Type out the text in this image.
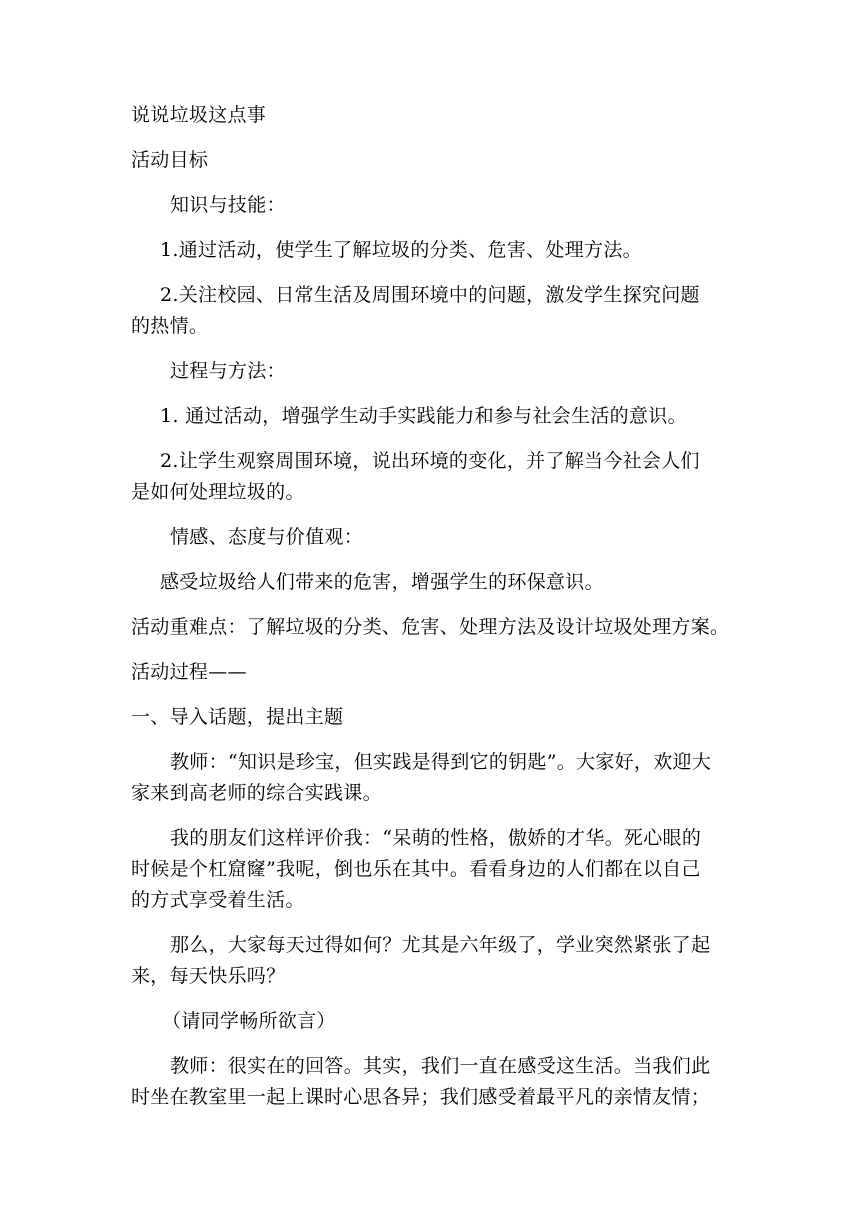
说说垃圾这点事
活动目标
知识与技能：
1.通过活动，使学生了解垃圾的分类、危害、处理方法。
2.关注校园、日常生活及周围环境中的问题，激发学生探究问题
的热情。
过程与方法：
1. 通过活动，增强学生动手实践能力和参与社会生活的意识。
2.让学生观察周围环境，说出环境的变化，并了解当今社会人们
是如何处理垃圾的。
情感、态度与价值观：
感受垃圾给人们带来的危害，增强学生的环保意识。
活动重难点：了解垃圾的分类、危害、处理方法及设计垃圾处理方案。
活动过程——
一、导入话题，提出主题
教师：“知识是珍宝，但实践是得到它的钥匙”。大家好，欢迎大
家来到高老师的综合实践课。
我的朋友们这样评价我：“呆萌的性格，傲娇的才华。死心眼的
时候是个杠窟窿”我呢，倒也乐在其中。看看身边的人们都在以自己
的方式享受着生活。
那么，大家每天过得如何？尤其是六年级了，学业突然紧张了起
来，每天快乐吗？
（请同学畅所欲言）
教师：很实在的回答。其实，我们一直在感受这生活。当我们此
时坐在教室里一起上课时心思各异；我们感受着最平凡的亲情友情；
